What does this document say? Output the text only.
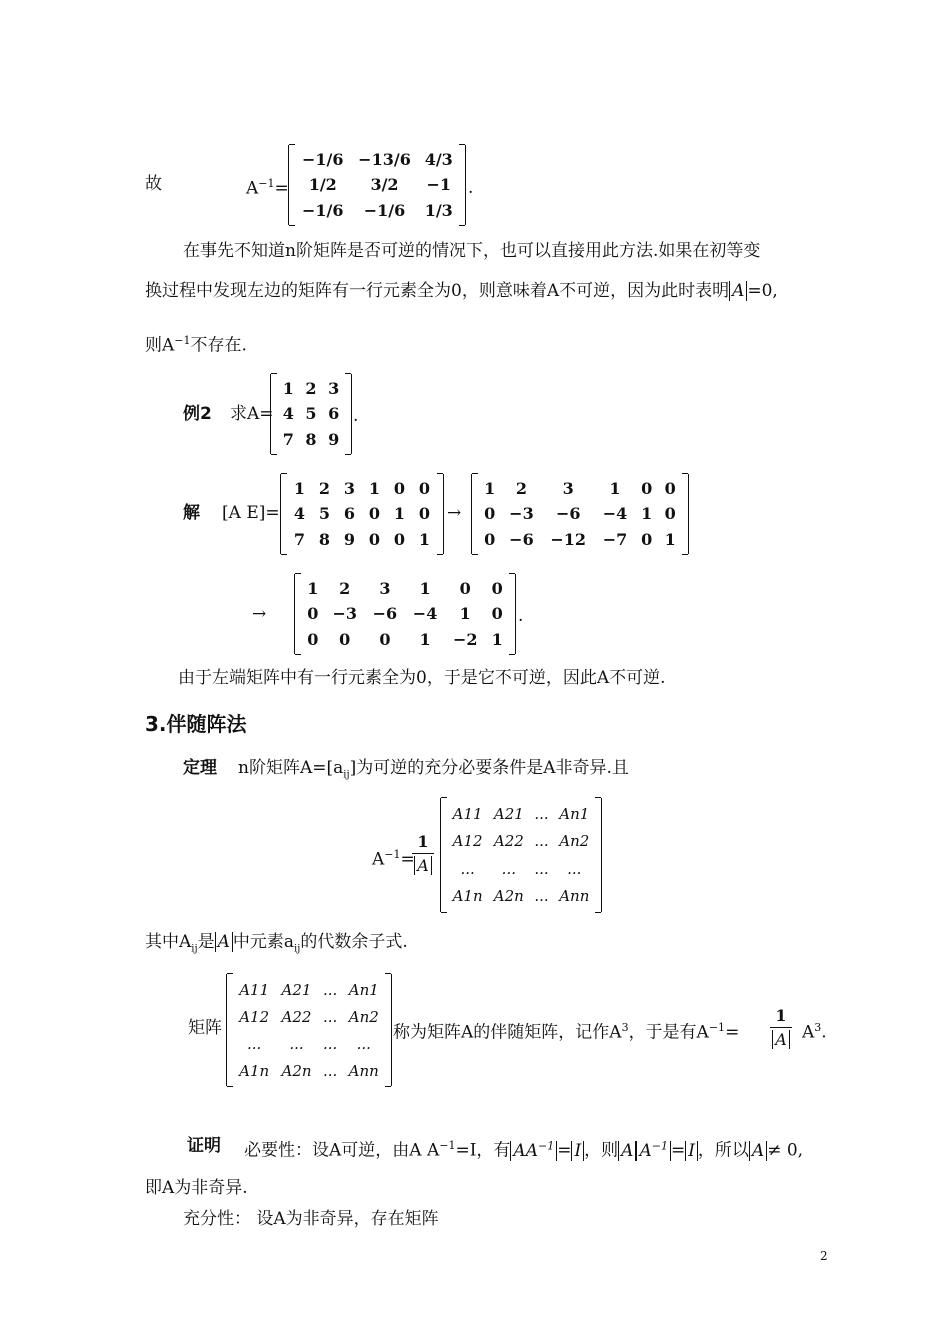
故	$A^{-1}=$
−1/6	−13/6	4/3
1/2	3/2	−1
−1/6	−1/6	1/3
.
在事先不知道n阶矩阵是否可逆的情况下，也可以直接用此方法.如果在初等变
换过程中发现左边的矩阵有一行元素全为0，则意味着A不可逆，因为此时表明 A =0,
则$A^{-1}$不存在.
例2 求A=
1	2	3
4	5	6
7	8	9
.
解 [A E]=
1	2	3	1	0	0
4	5	6	0	1	0
7	8	9	0	0	1
→
1	2	3	1	0	0
0	−3	−6	−4	1	0
0	−6	−12	−7	0	1
→
1	2	3	1	0	0
0	−3	−6	−4	1	0
0	0	0	1	−2	1
.
由于左端矩阵中有一行元素全为0，于是它不可逆，因此A不可逆.
3.伴随阵法
定理 n阶矩阵$A=[a_{ij}]$为可逆的充分必要条件是A非奇异.且
$A^{-1}=$
1
A
A11	A21	...	An1
A12	A22	...	An2
...	...	...	...
A1n	A2n	...	Ann
其中$A_{ij}$是 A 中元素$a_{ij}$的代数余子式.
矩阵
A11	A21	...	An1
A12	A22	...	An2
...	...	...	...
A1n	A2n	...	Ann
称为矩阵A的伴随矩阵，记作$A^3$，于是有$A^{-1}=$
1
A $A^3$.
证明 必要性：设A可逆，由A $A^{-1}=I$，有 $AA^{-1} = I$ ，则 A $A^{-1} = I$ ，所以 A ≠ 0,
即A为非奇异.
充分性： 设A为非奇异，存在矩阵
2
